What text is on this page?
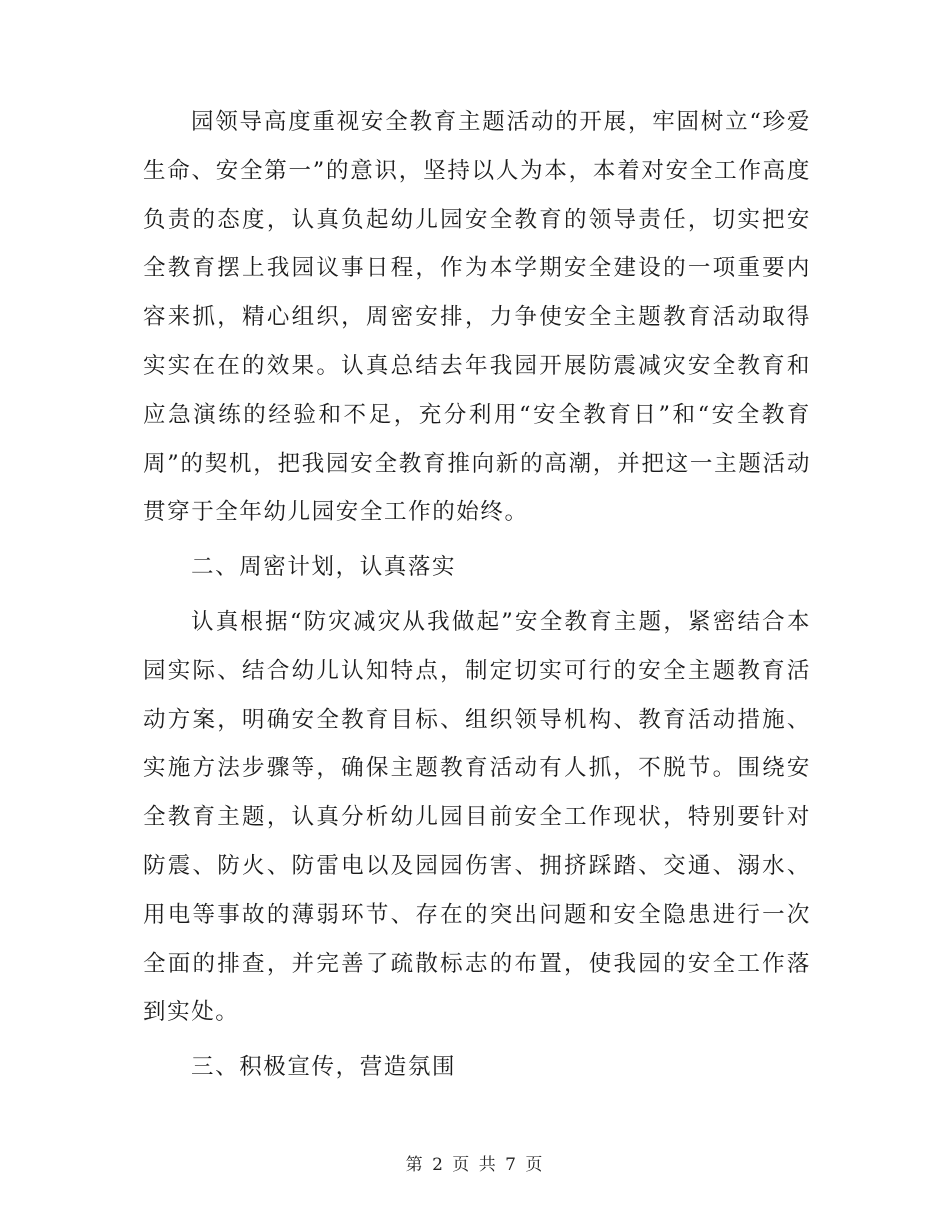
园领导高度重视安全教育主题活动的开展，牢固树立“珍爱生命、安全第一”的意识，坚持以人为本，本着对安全工作高度负责的态度，认真负起幼儿园安全教育的领导责任，切实把安全教育摆上我园议事日程，作为本学期安全建设的一项重要内容来抓，精心组织，周密安排，力争使安全主题教育活动取得实实在在的效果。认真总结去年我园开展防震减灾安全教育和应急演练的经验和不足，充分利用“安全教育日”和“安全教育周”的契机，把我园安全教育推向新的高潮，并把这一主题活动贯穿于全年幼儿园安全工作的始终。

二、周密计划，认真落实

认真根据“防灾减灾从我做起”安全教育主题，紧密结合本园实际、结合幼儿认知特点，制定切实可行的安全主题教育活动方案，明确安全教育目标、组织领导机构、教育活动措施、实施方法步骤等，确保主题教育活动有人抓，不脱节。围绕安全教育主题，认真分析幼儿园目前安全工作现状，特别要针对防震、防火、防雷电以及园园伤害、拥挤踩踏、交通、溺水、用电等事故的薄弱环节、存在的突出问题和安全隐患进行一次全面的排查，并完善了疏散标志的布置，使我园的安全工作落到实处。

三、积极宣传，营造氛围

第 2 页 共 7 页
